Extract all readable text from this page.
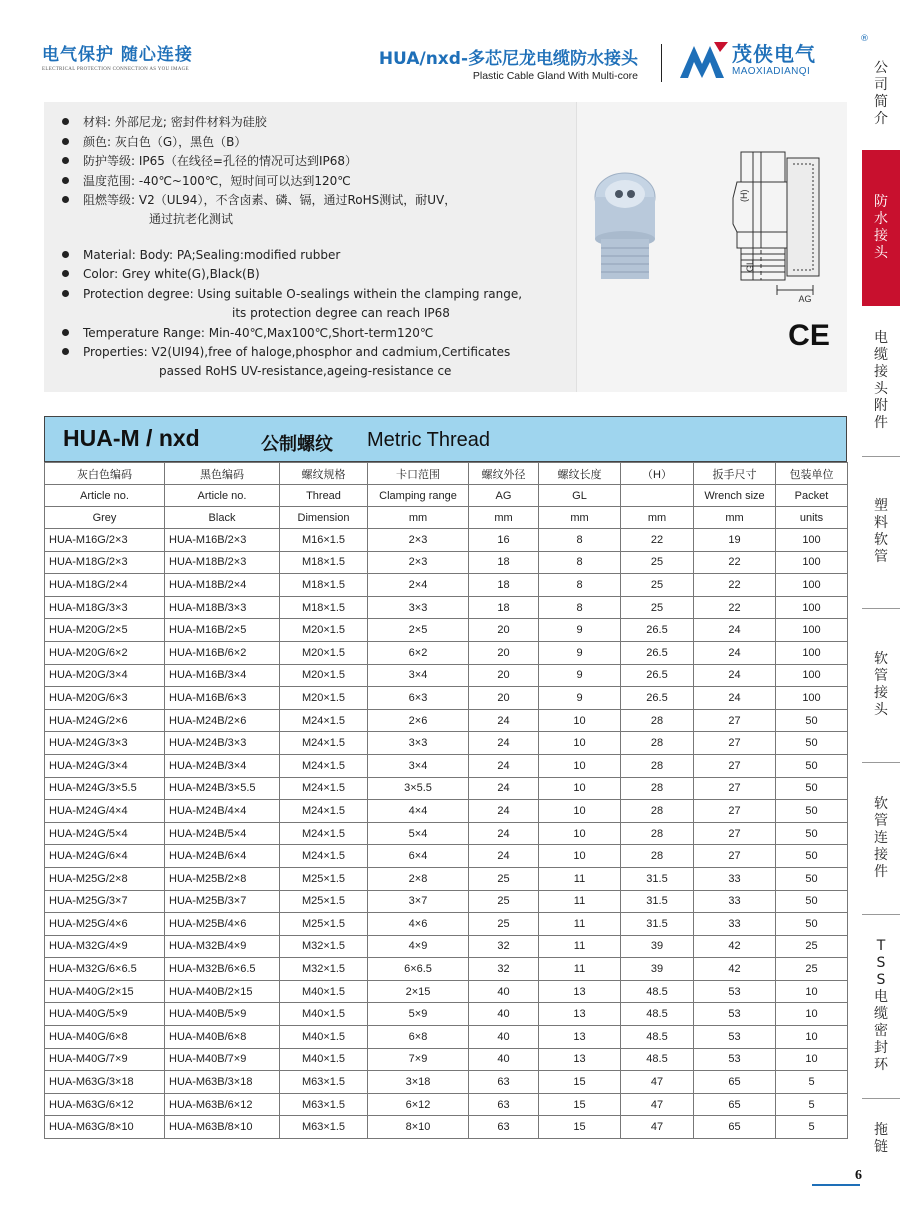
电气保护 随心连接
ELECTRICAL PROTECTION CONNECTION AS YOU IMAGE
HUA/nxd-多芯尼龙电缆防水接头
Plastic Cable Gland With Multi-core
茂侠电气
®
MAOXIADIANQI	公司简介
防水接头
电缆接头附件
塑料软管
软管接头
软管连接件
TSS电缆密封环
拖链
材料: 外部尼龙; 密封件材料为硅胶
颜色: 灰白色（G），黑色（B）
防护等级: IP65（在线径=孔径的情况可达到IP68）
温度范围: -40℃~100℃，短时间可以达到120℃
阻燃等级: V2（UL94），不含卤素、磷、镉，通过RoHS测试，耐UV，
通过抗老化测试
Material: Body: PA;Sealing:modified rubber
Color: Grey white(G),Black(B)
Protection degree: Using suitable O-sealings withein the clamping range,
its protection degree can reach IP68
Temperature Range: Min-40℃,Max100℃,Short-term120℃
Properties: V2(UI94),free of haloge,phosphor and cadmium,Certificates
passed RoHS UV-resistance,ageing-resistance ce
(H)
GL
AG
CE
HUA-M / nxd	公制螺纹 Metric Thread
灰白色编码	黑色编码	螺纹规格	卡口范围	螺纹外径	螺纹长度	（H）	扳手尺寸	包装单位
Article no.	Article no.	Thread	Clamping range	AG	GL		Wrench size	Packet
Grey	Black	Dimension	mm	mm	mm	mm	mm	units
HUA-M16G/2×3	HUA-M16B/2×3	M16×1.5	2×3	16	8	22	19	100
HUA-M18G/2×3	HUA-M18B/2×3	M18×1.5	2×3	18	8	25	22	100
HUA-M18G/2×4	HUA-M18B/2×4	M18×1.5	2×4	18	8	25	22	100
HUA-M18G/3×3	HUA-M18B/3×3	M18×1.5	3×3	18	8	25	22	100
HUA-M20G/2×5	HUA-M16B/2×5	M20×1.5	2×5	20	9	26.5	24	100
HUA-M20G/6×2	HUA-M16B/6×2	M20×1.5	6×2	20	9	26.5	24	100
HUA-M20G/3×4	HUA-M16B/3×4	M20×1.5	3×4	20	9	26.5	24	100
HUA-M20G/6×3	HUA-M16B/6×3	M20×1.5	6×3	20	9	26.5	24	100
HUA-M24G/2×6	HUA-M24B/2×6	M24×1.5	2×6	24	10	28	27	50
HUA-M24G/3×3	HUA-M24B/3×3	M24×1.5	3×3	24	10	28	27	50
HUA-M24G/3×4	HUA-M24B/3×4	M24×1.5	3×4	24	10	28	27	50
HUA-M24G/3×5.5	HUA-M24B/3×5.5	M24×1.5	3×5.5	24	10	28	27	50
HUA-M24G/4×4	HUA-M24B/4×4	M24×1.5	4×4	24	10	28	27	50
HUA-M24G/5×4	HUA-M24B/5×4	M24×1.5	5×4	24	10	28	27	50
HUA-M24G/6×4	HUA-M24B/6×4	M24×1.5	6×4	24	10	28	27	50
HUA-M25G/2×8	HUA-M25B/2×8	M25×1.5	2×8	25	11	31.5	33	50
HUA-M25G/3×7	HUA-M25B/3×7	M25×1.5	3×7	25	11	31.5	33	50
HUA-M25G/4×6	HUA-M25B/4×6	M25×1.5	4×6	25	11	31.5	33	50
HUA-M32G/4×9	HUA-M32B/4×9	M32×1.5	4×9	32	11	39	42	25
HUA-M32G/6×6.5	HUA-M32B/6×6.5	M32×1.5	6×6.5	32	11	39	42	25
HUA-M40G/2×15	HUA-M40B/2×15	M40×1.5	2×15	40	13	48.5	53	10
HUA-M40G/5×9	HUA-M40B/5×9	M40×1.5	5×9	40	13	48.5	53	10
HUA-M40G/6×8	HUA-M40B/6×8	M40×1.5	6×8	40	13	48.5	53	10
HUA-M40G/7×9	HUA-M40B/7×9	M40×1.5	7×9	40	13	48.5	53	10
HUA-M63G/3×18	HUA-M63B/3×18	M63×1.5	3×18	63	15	47	65	5
HUA-M63G/6×12	HUA-M63B/6×12	M63×1.5	6×12	63	15	47	65	5
HUA-M63G/8×10	HUA-M63B/8×10	M63×1.5	8×10	63	15	47	65	5
6
